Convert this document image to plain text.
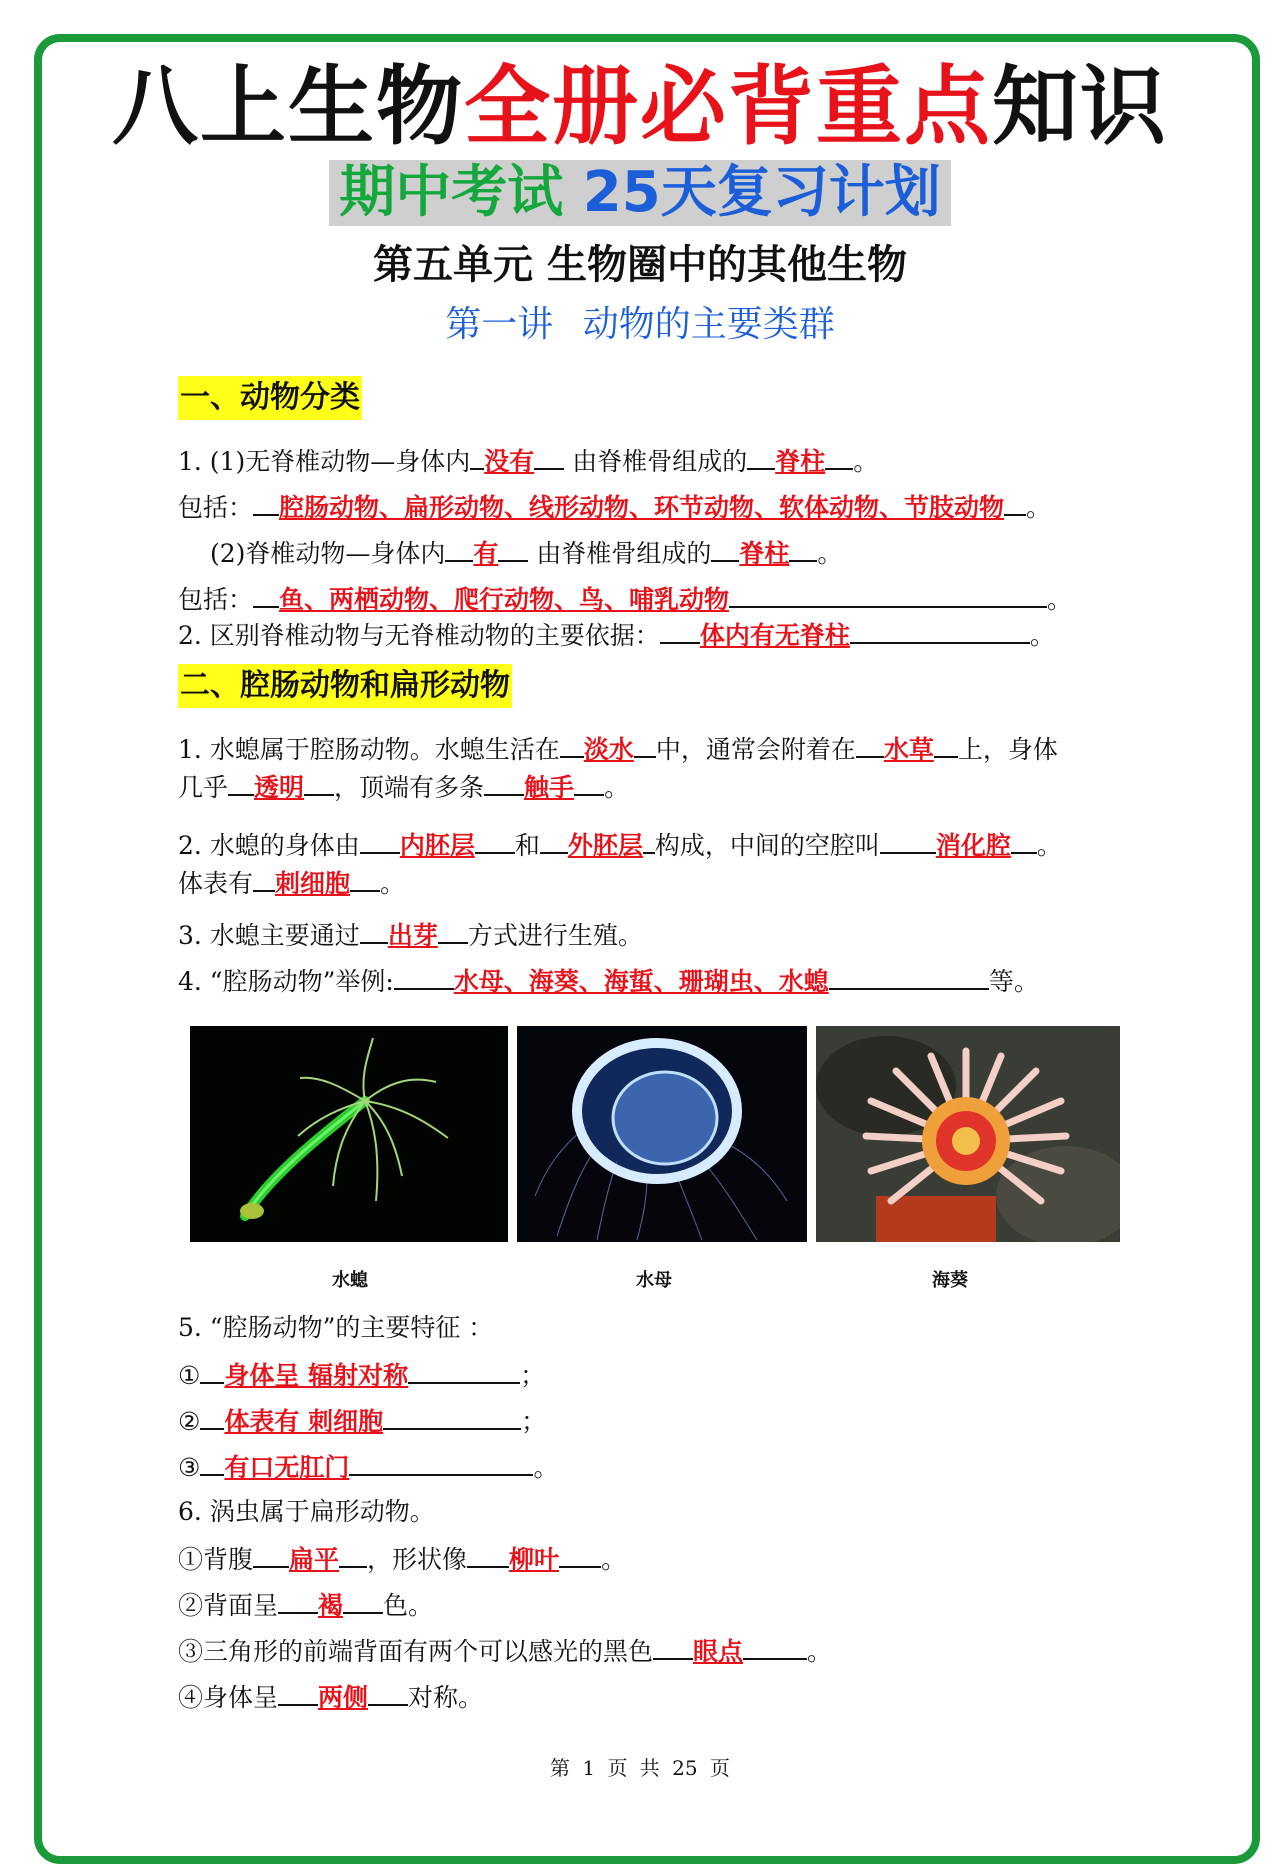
八上生物全册必背重点知识
期中考试 25天复习计划
第五单元 生物圈中的其他生物
第一讲 动物的主要类群
一、动物分类
1. (1)无脊椎动物—身体内 没有 由脊椎骨组成的 脊柱 。
包括： 腔肠动物、扁形动物、线形动物、环节动物、软体动物、节肢动物 。
(2)脊椎动物—身体内 有 由脊椎骨组成的 脊柱 。
包括： 鱼、两栖动物、爬行动物、鸟、哺乳动物	。
2. 区别脊椎动物与无脊椎动物的主要依据： 体内有无脊柱	。
二、腔肠动物和扁形动物
1. 水螅属于腔肠动物。水螅生活在 淡水 中，通常会附着在 水草 上，身体
几乎 透明 ，顶端有多条 触手 。
2. 水螅的身体由 内胚层 和 外胚层 构成，中间的空腔叫 消化腔 。
体表有 刺细胞 。
3. 水螅主要通过 出芽 方式进行生殖。
4. “腔肠动物”举例: 水母、海葵、海蜇、珊瑚虫、水螅	等。
水螅	水母	海葵
5. “腔肠动物”的主要特征 ：
① 身体呈 辐射对称	；
② 体表有 刺细胞	；
③ 有口无肛门	。
6. 涡虫属于扁形动物。
①背腹 扁平 ，形状像 柳叶 。
②背面呈 褐 色。
③三角形的前端背面有两个可以感光的黑色 眼点	。
④身体呈 两侧 对称。
第 1 页 共 25 页
